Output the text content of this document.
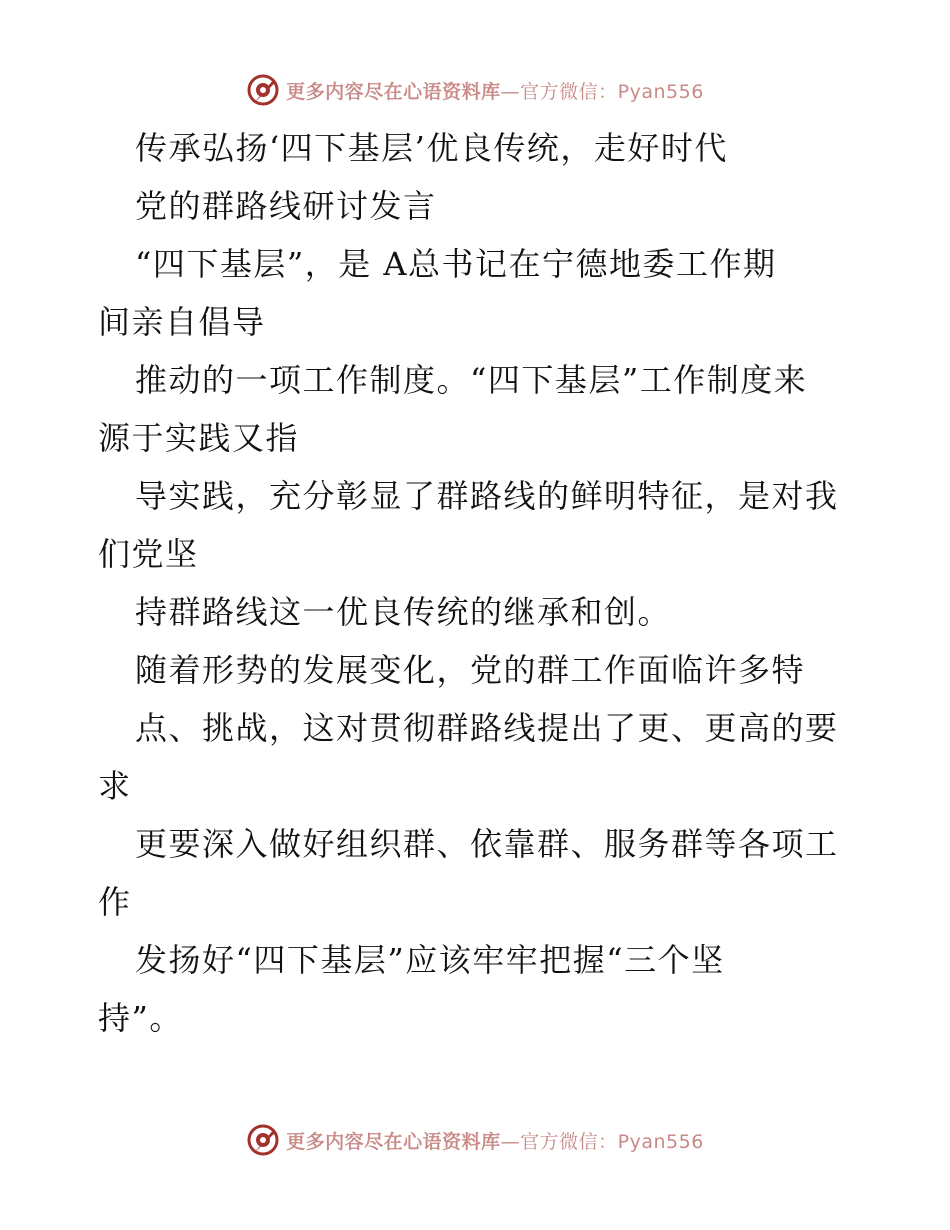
更多内容尽在心语资料库—官方微信：Pyan556
传承弘扬‘四下基层’优良传统，走好时代
党的群路线研讨发言
“四下基层”，是 A总书记在宁德地委工作期
间亲自倡导
推动的一项工作制度。“四下基层”工作制度来
源于实践又指
导实践，充分彰显了群路线的鲜明特征，是对我
们党坚
持群路线这一优良传统的继承和创。
随着形势的发展变化，党的群工作面临许多特
点、挑战，这对贯彻群路线提出了更、更高的要
求
更要深入做好组织群、依靠群、服务群等各项工
作
发扬好“四下基层”应该牢牢把握“三个坚
持”。
更多内容尽在心语资料库—官方微信：Pyan556
